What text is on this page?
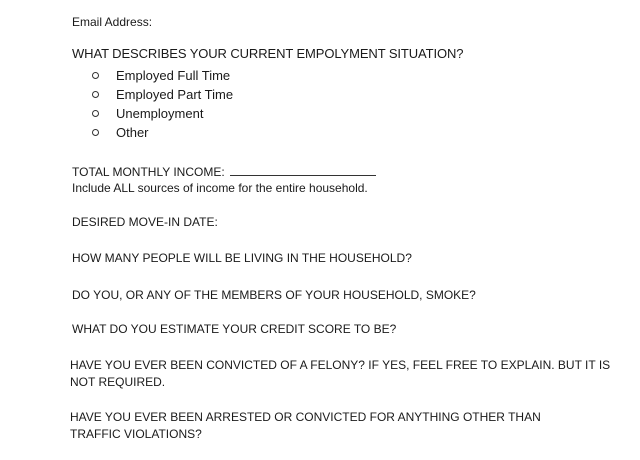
Email Address:
WHAT DESCRIBES YOUR CURRENT EMPOLYMENT SITUATION?
Employed Full Time
Employed Part Time
Unemployment
Other
TOTAL MONTHLY INCOME:
Include ALL sources of income for the entire household.
DESIRED MOVE-IN DATE:
HOW MANY PEOPLE WILL BE LIVING IN THE HOUSEHOLD?
DO YOU, OR ANY OF THE MEMBERS OF YOUR HOUSEHOLD, SMOKE?
WHAT DO YOU ESTIMATE YOUR CREDIT SCORE TO BE?
HAVE YOU EVER BEEN CONVICTED OF A FELONY? IF YES, FEEL FREE TO EXPLAIN. BUT IT IS NOT REQUIRED.
HAVE YOU EVER BEEN ARRESTED OR CONVICTED FOR ANYTHING OTHER THAN TRAFFIC VIOLATIONS?
